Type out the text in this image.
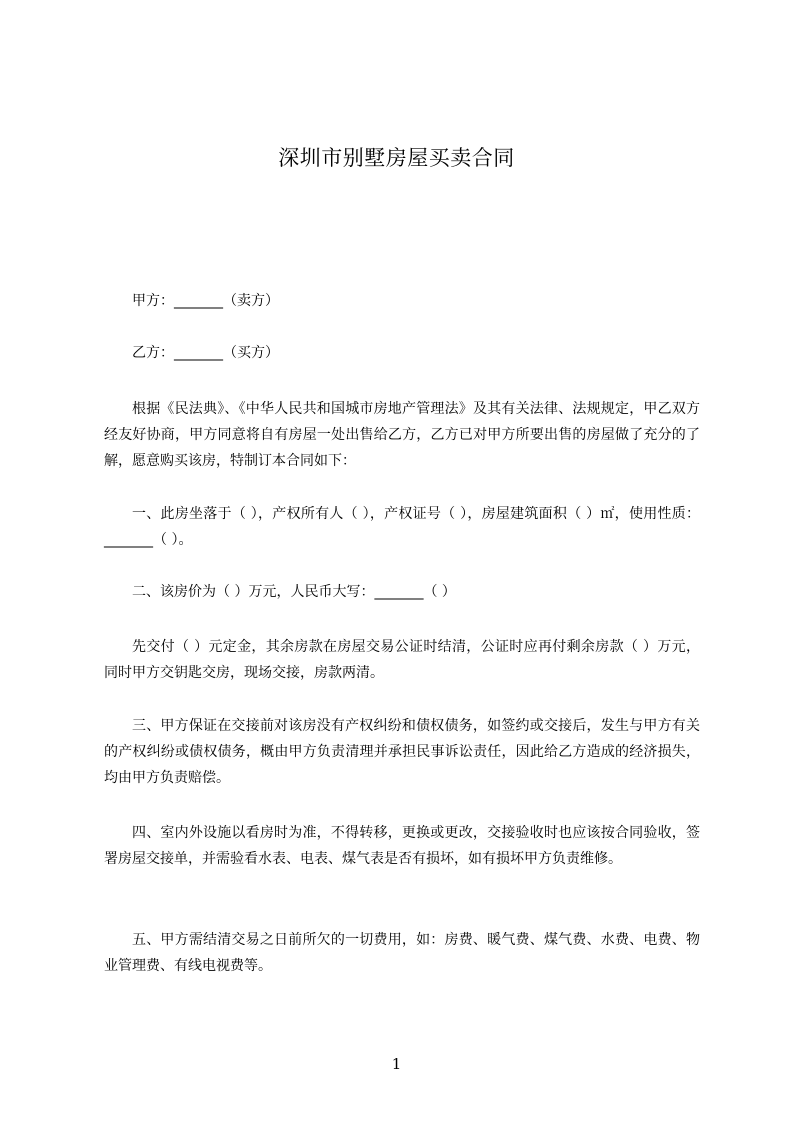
深圳市别墅房屋买卖合同

甲方：_______（卖方）

乙方：_______（买方）

根据《民法典》、《中华人民共和国城市房地产管理法》及其有关法律、法规规定，甲乙双方经友好协商，甲方同意将自有房屋一处出售给乙方，乙方已对甲方所要出售的房屋做了充分的了解，愿意购买该房，特制订本合同如下：

一、此房坐落于（ ），产权所有人（ ），产权证号（ ），房屋建筑面积（ ）㎡，使用性质：_______（ ）。

二、该房价为（ ）万元，人民币大写：_______（ ）

先交付（ ）元定金，其余房款在房屋交易公证时结清，公证时应再付剩余房款（ ）万元，同时甲方交钥匙交房，现场交接，房款两清。

三、甲方保证在交接前对该房没有产权纠纷和债权债务，如签约或交接后，发生与甲方有关的产权纠纷或债权债务，概由甲方负责清理并承担民事诉讼责任，因此给乙方造成的经济损失，均由甲方负责赔偿。

四、室内外设施以看房时为准，不得转移，更换或更改，交接验收时也应该按合同验收，签署房屋交接单，并需验看水表、电表、煤气表是否有损坏，如有损坏甲方负责维修。

五、甲方需结清交易之日前所欠的一切费用，如：房费、暖气费、煤气费、水费、电费、物业管理费、有线电视费等。

1
